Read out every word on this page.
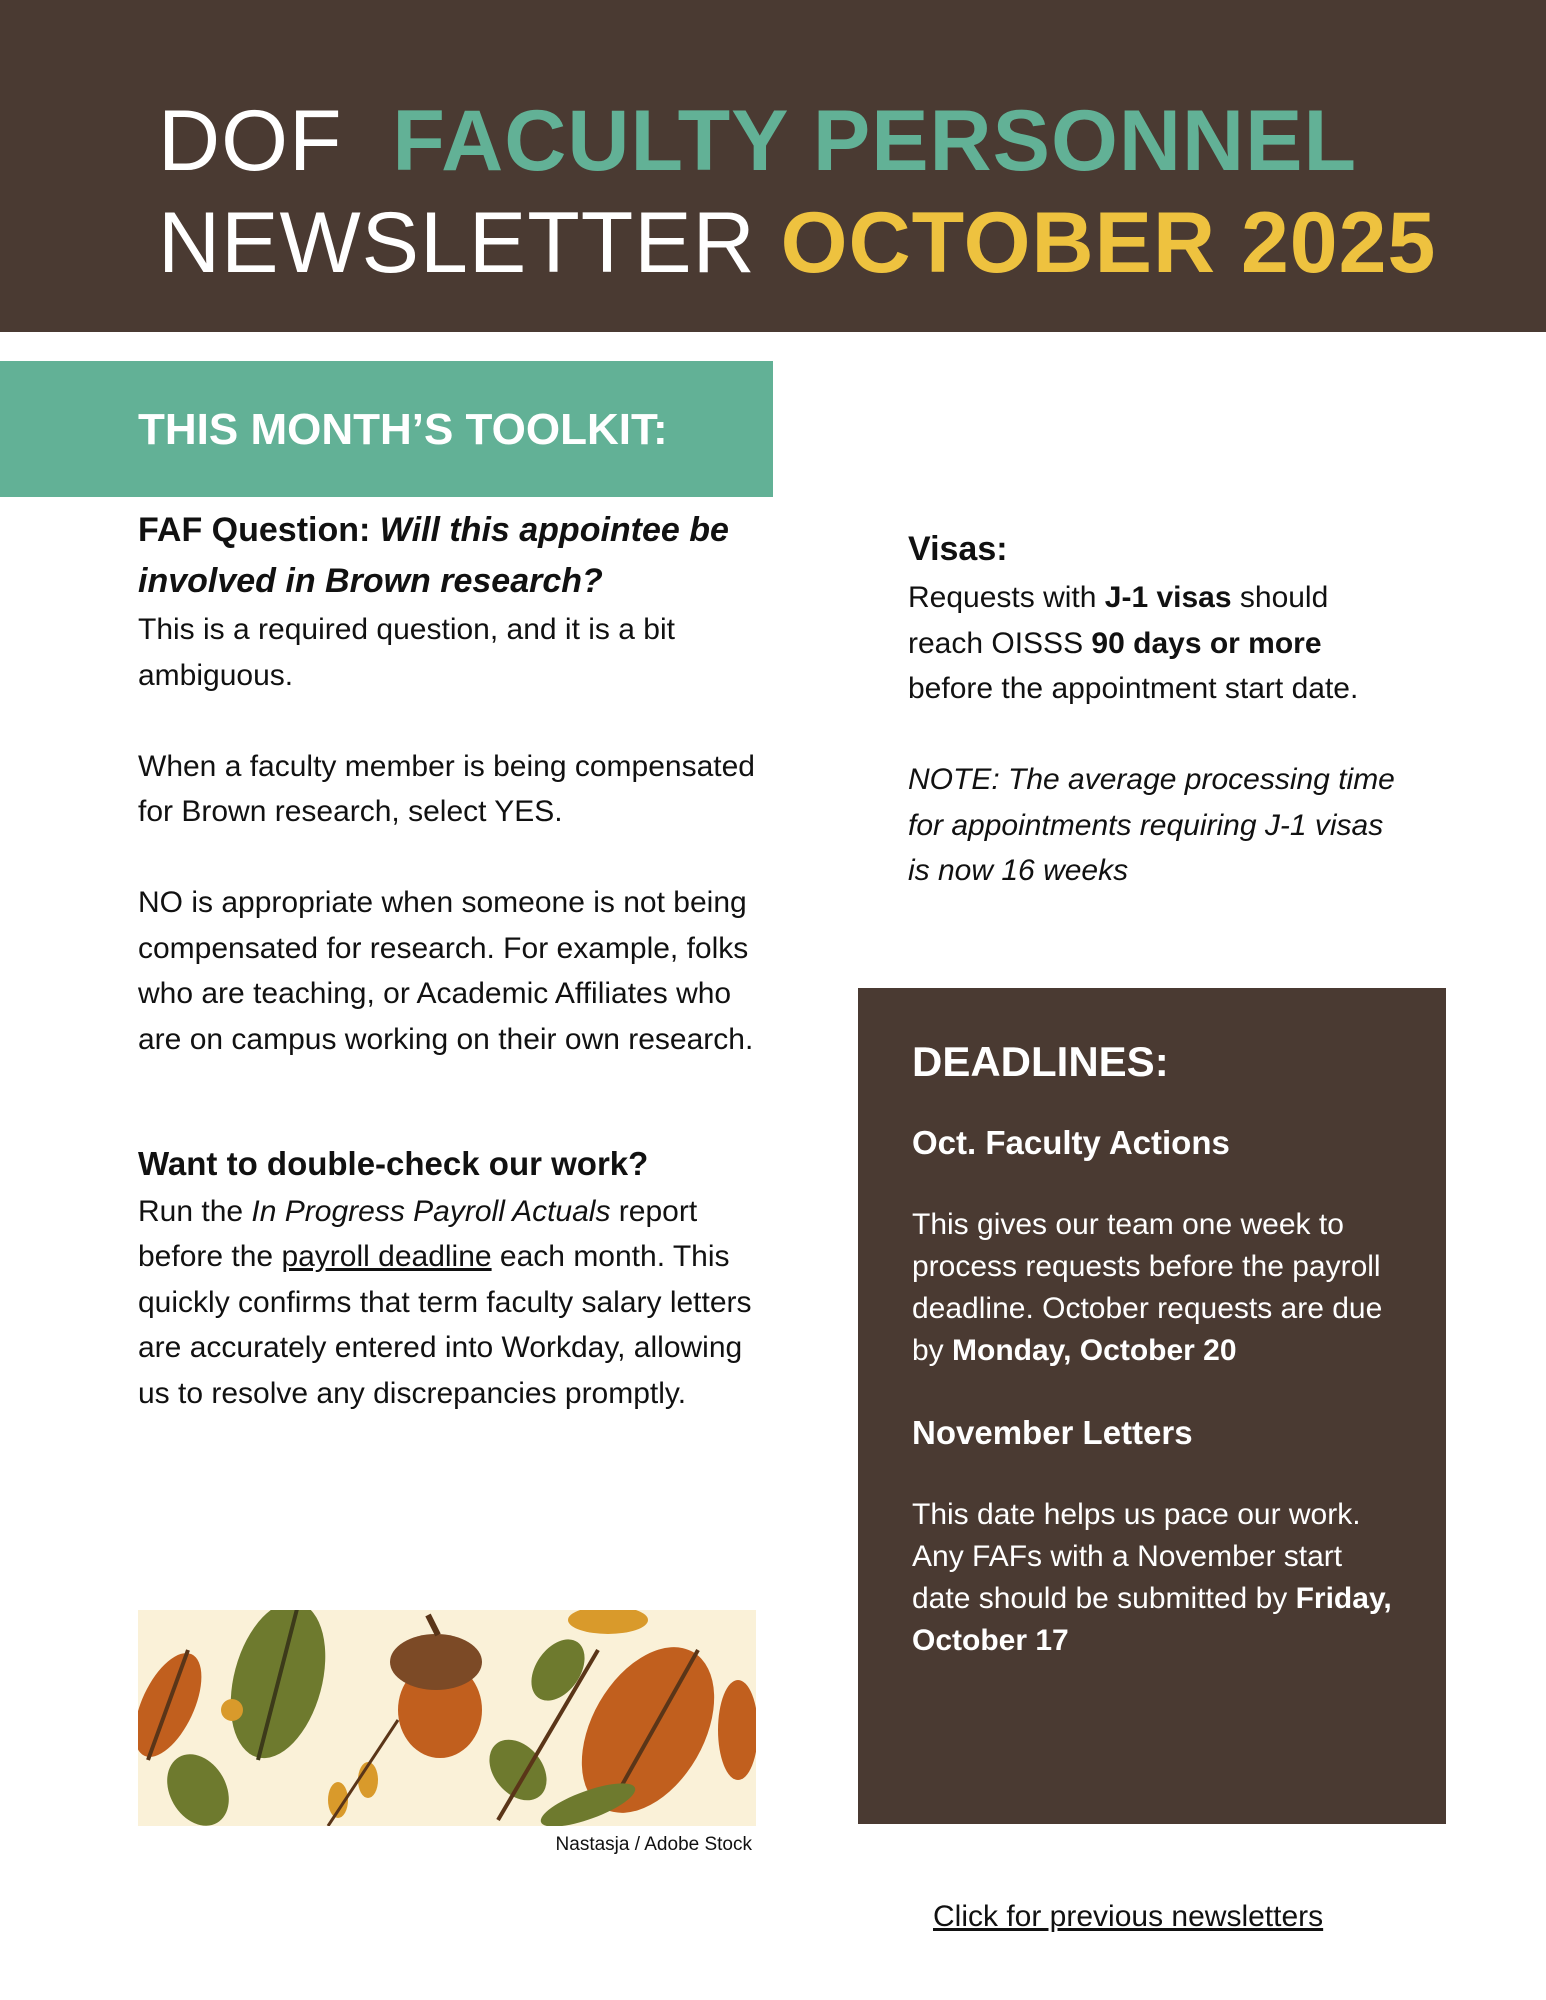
DOF FACULTY PERSONNEL
NEWSLETTER OCTOBER 2025
THIS MONTH’S TOOLKIT:

FAF Question: Will this appointee be involved in Brown research?

This is a required question, and it is a bit ambiguous.

When a faculty member is being compensated for Brown research, select YES.

NO is appropriate when someone is not being compensated for research. For example, folks who are teaching, or Academic Affiliates who are on campus working on their own research.

Want to double-check our work?

Run the In Progress Payroll Actuals report before the payroll deadline each month. This quickly confirms that term faculty salary letters are accurately entered into Workday, allowing us to resolve any discrepancies promptly.

Nastasja / Adobe Stock

Visas:

Requests with J-1 visas should reach OISSS 90 days or more before the appointment start date.

NOTE: The average processing time for appointments requiring J-1 visas is now 16 weeks

DEADLINES:

Oct. Faculty Actions

This gives our team one week to process requests before the payroll deadline. October requests are due by Monday, October 20

November Letters

This date helps us pace our work. Any FAFs with a November start date should be submitted by Friday, October 17

Click for previous newsletters
